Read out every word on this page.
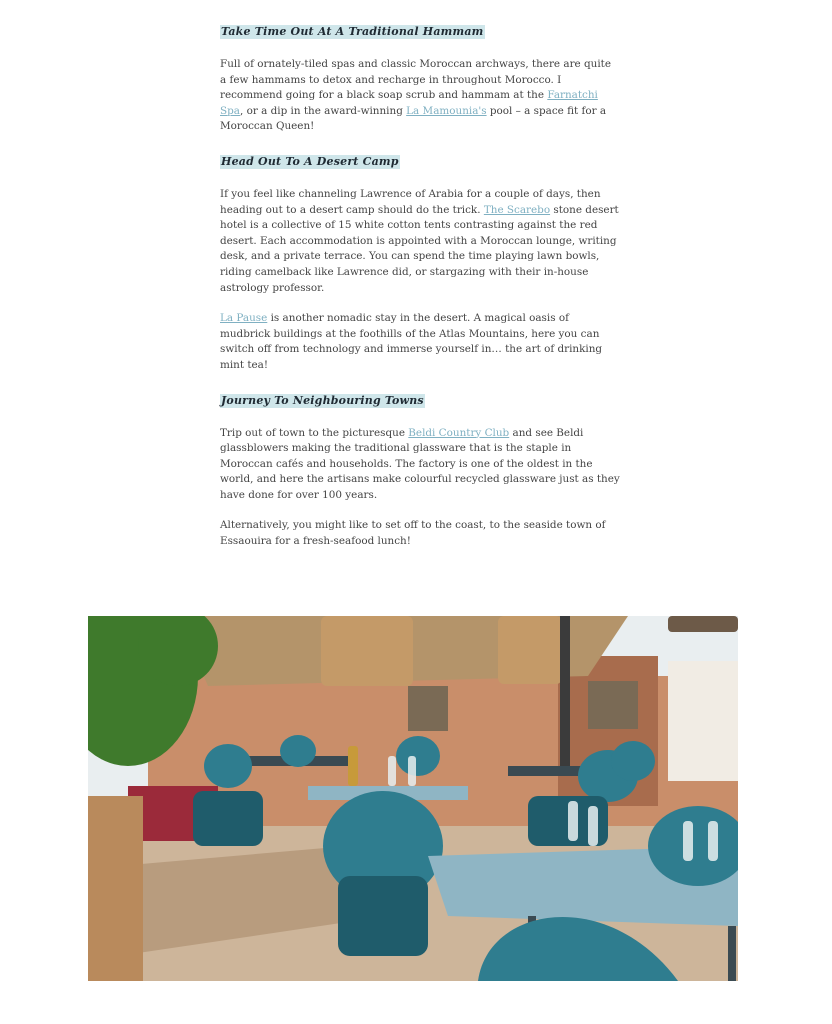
Take Time Out At A Traditional Hammam

Full of ornately-tiled spas and classic Moroccan archways, there are quite a few hammams to detox and recharge in throughout Morocco. I recommend going for a black soap scrub and hammam at the Farnatchi Spa, or a dip in the award-winning La Mamounia's pool – a space fit for a Moroccan Queen!

Head Out To A Desert Camp

If you feel like channeling Lawrence of Arabia for a couple of days, then heading out to a desert camp should do the trick. The Scarebo stone desert hotel is a collective of 15 white cotton tents contrasting against the red desert. Each accommodation is appointed with a Moroccan lounge, writing desk, and a private terrace. You can spend the time playing lawn bowls, riding camelback like Lawrence did, or stargazing with their in-house astrology professor.

La Pause is another nomadic stay in the desert. A magical oasis of mudbrick buildings at the foothills of the Atlas Mountains, here you can switch off from technology and immerse yourself in… the art of drinking mint tea!

Journey To Neighbouring Towns

Trip out of town to the picturesque Beldi Country Club and see Beldi glassblowers making the traditional glassware that is the staple in Moroccan cafés and households. The factory is one of the oldest in the world, and here the artisans make colourful recycled glassware just as they have done for over 100 years.

Alternatively, you might like to set off to the coast, to the seaside town of Essaouira for a fresh-seafood lunch!
